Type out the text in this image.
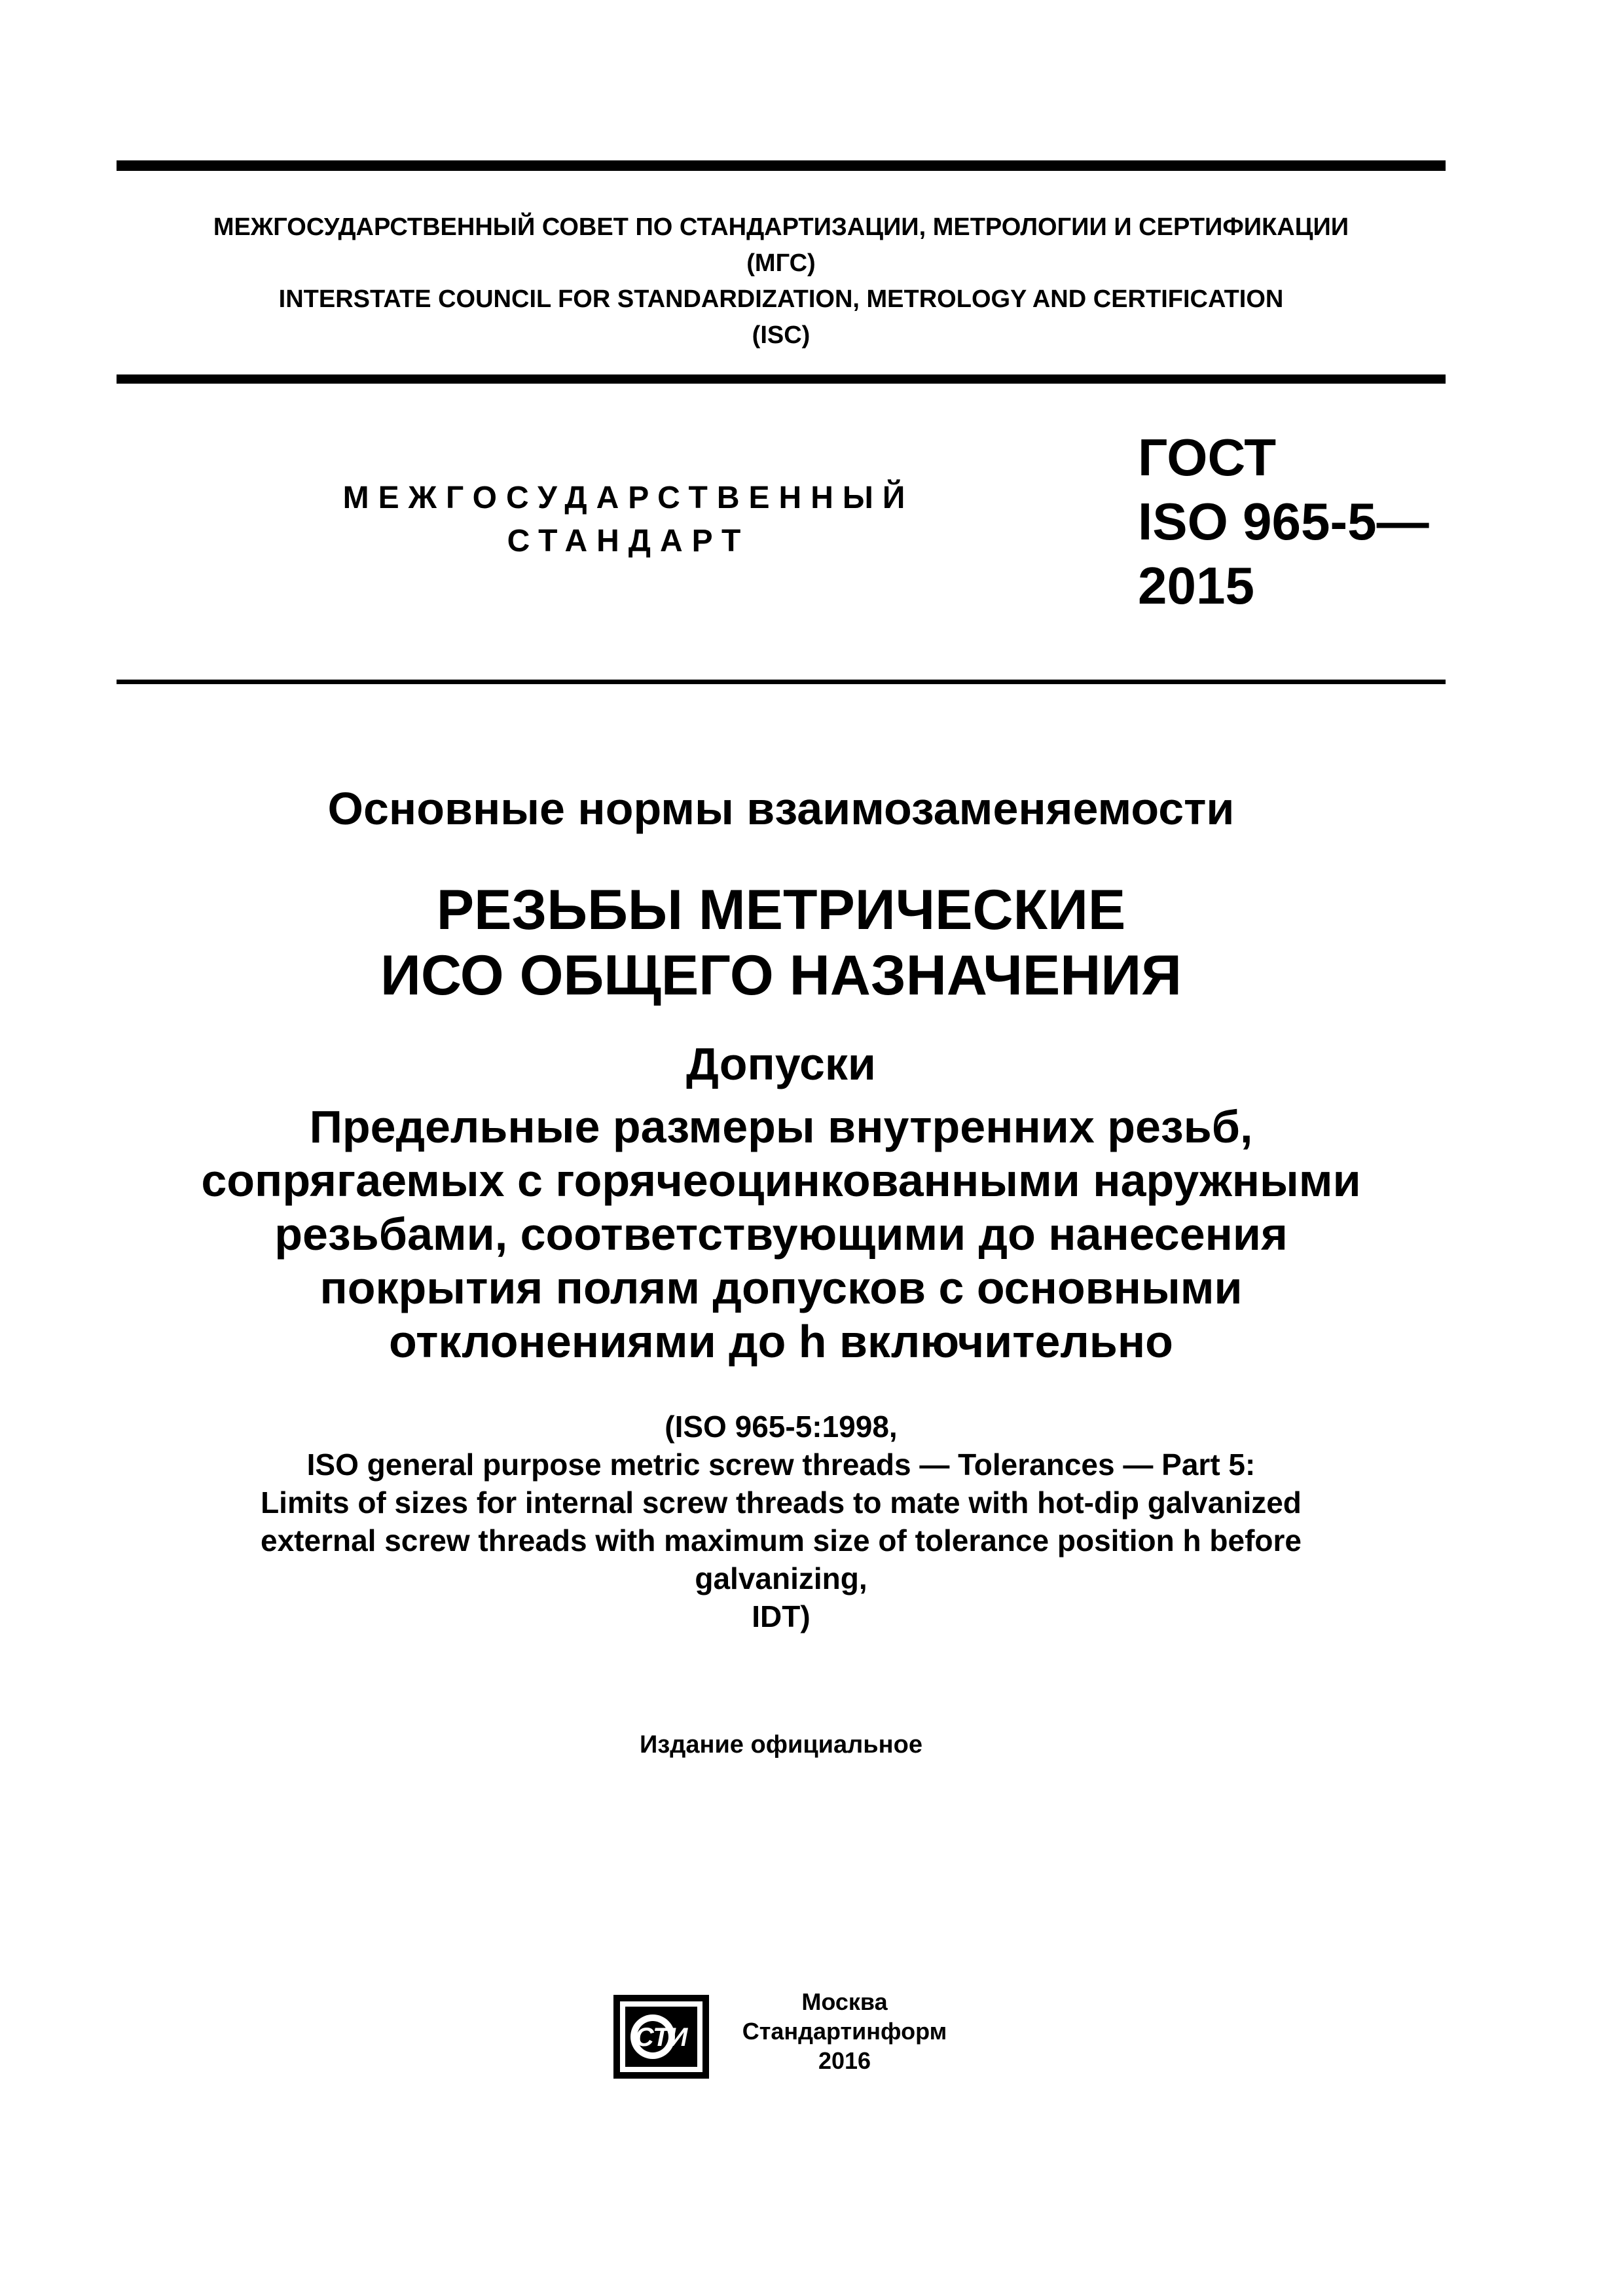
МЕЖГОСУДАРСТВЕННЫЙ СОВЕТ ПО СТАНДАРТИЗАЦИИ, МЕТРОЛОГИИ И СЕРТИФИКАЦИИ
(МГС)
INTERSTATE COUNCIL FOR STANDARDIZATION, METROLOGY AND CERTIFICATION
(ISC)
МЕЖГОСУДАРСТВЕННЫЙ
СТАНДАРТ
ГОСТ
ISO 965-5—
2015
Основные нормы взаимозаменяемости
РЕЗЬБЫ МЕТРИЧЕСКИЕ
ИСО ОБЩЕГО НАЗНАЧЕНИЯ
Допуски
Предельные размеры внутренних резьб,
сопрягаемых с горячеоцинкованными наружными
резьбами, соответствующими до нанесения
покрытия полям допусков с основными
отклонениями до h включительно
(ISO 965-5:1998,
ISO general purpose metric screw threads — Tolerances — Part 5:
Limits of sizes for internal screw threads to mate with hot-dip galvanized
external screw threads with maximum size of tolerance position h before
galvanizing,
IDT)
Издание официальное
СТИ
Москва
Стандартинформ
2016
